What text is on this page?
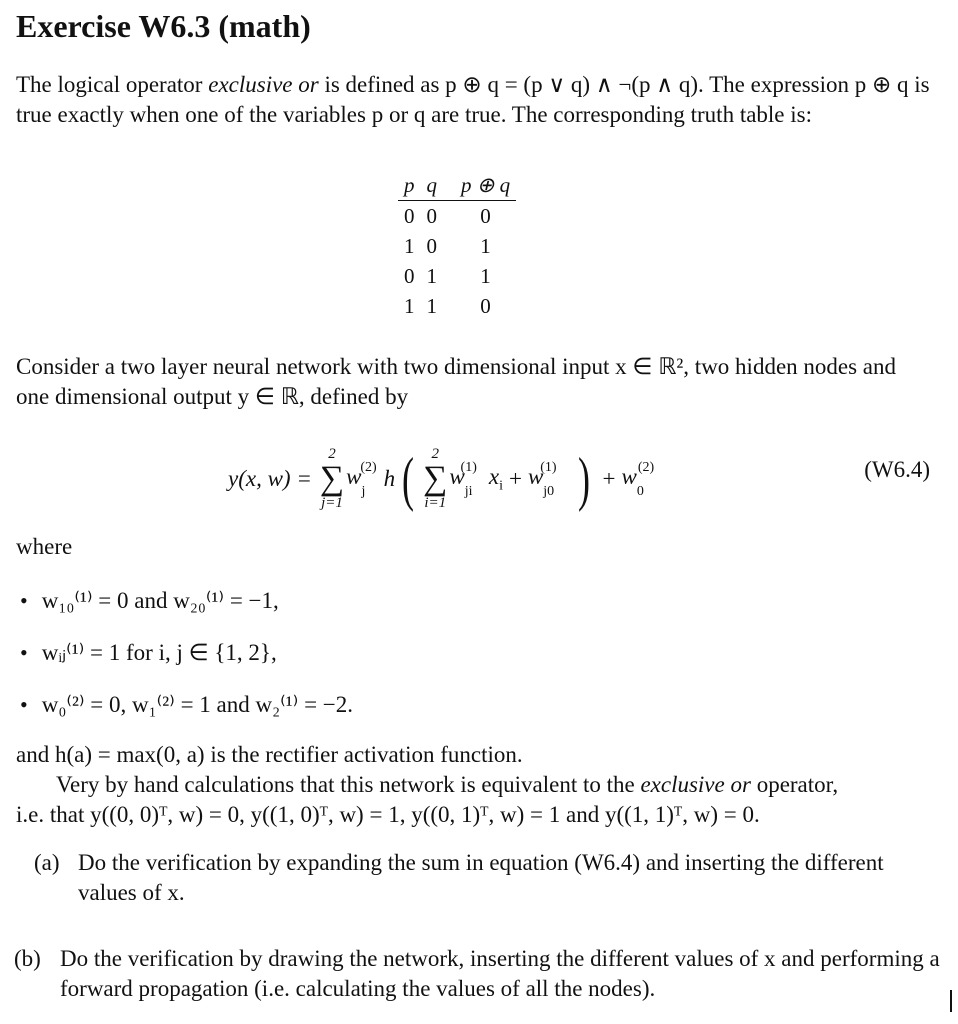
Exercise W6.3 (math)
The logical operator exclusive or is defined as p ⊕ q = (p ∨ q) ∧ ¬(p ∧ q). The expression p ⊕ q is true exactly when one of the variables p or q are true. The corresponding truth table is:
p	q	p ⊕ q
0	0	0
1	0	1
0	1	1
1	1	0
Consider a two layer neural network with two dimensional input x ∈ ℝ², two hidden nodes and one dimensional output y ∈ ℝ, defined by
y(x, w) =
2
∑
j=1
$w_j^{(2)}$ h ( 2
∑
i=1
$w_{ji}^{(1)}$ $x_i + w_{j0}^{(1)}$ ) + $w_0^{(2)}$	(W6.4)
where
• w₁₀⁽¹⁾ = 0 and w₂₀⁽¹⁾ = −1,
• wᵢⱼ⁽¹⁾ = 1 for i, j ∈ {1, 2},
• w₀⁽²⁾ = 0, w₁⁽²⁾ = 1 and w₂⁽¹⁾ = −2.
and h(a) = max(0, a) is the rectifier activation function.
Very by hand calculations that this network is equivalent to the exclusive or operator,
i.e. that y((0, 0)ᵀ, w) = 0, y((1, 0)ᵀ, w) = 1, y((0, 1)ᵀ, w) = 1 and y((1, 1)ᵀ, w) = 0.
(a) Do the verification by expanding the sum in equation (W6.4) and inserting the different values of x.
(b) Do the verification by drawing the network, inserting the different values of x and performing a forward propagation (i.e. calculating the values of all the nodes).
